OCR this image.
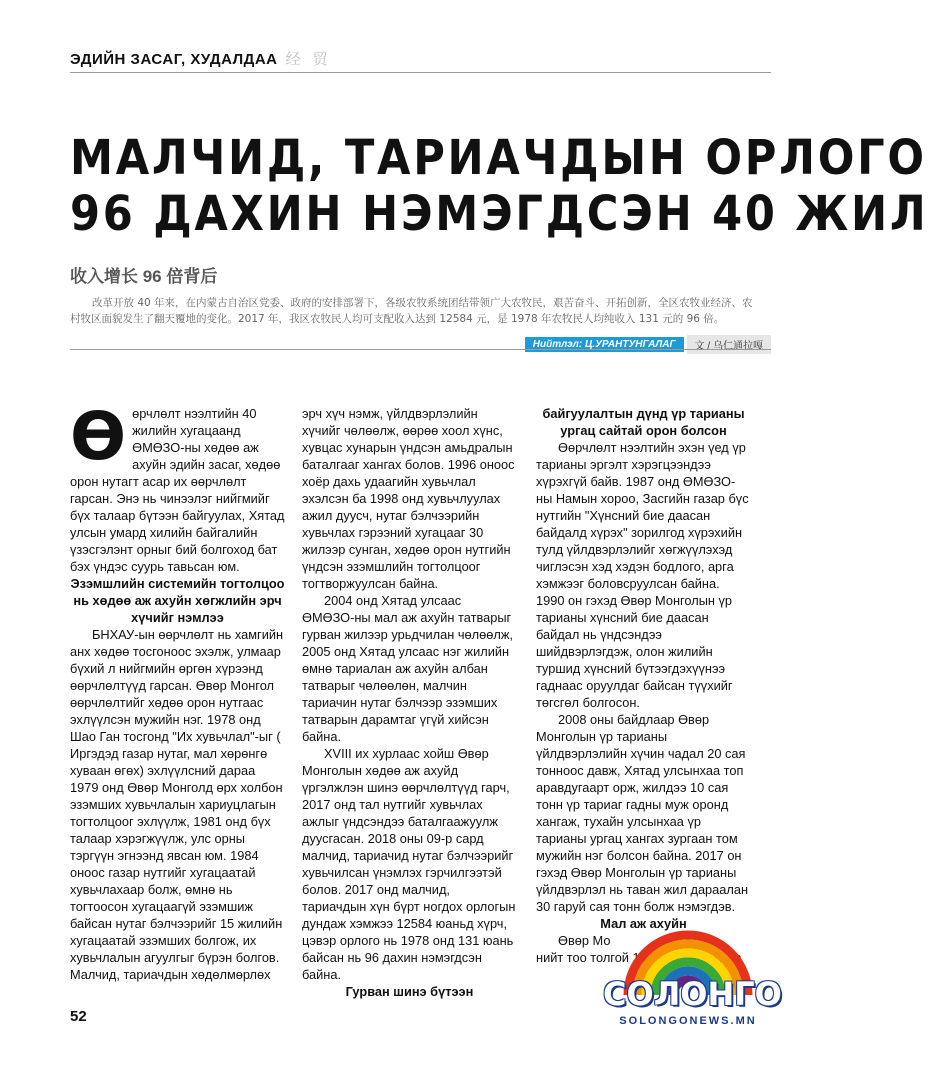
ЭДИЙН ЗАСАГ, ХУДАЛДАА 经 贸
МАЛЧИД, ТАРИАЧДЫН ОРЛОГО
96 ДАХИН НЭМЭГДСЭН 40 ЖИЛ
收入增长 96 倍背后
改革开放 40 年来，在内蒙古自治区党委、政府的安排部署下，各级农牧系统团结带领广大农牧民，艰苦奋斗、开拓创新，全区农牧业经济、农村牧区面貌发生了翻天覆地的变化。2017 年，我区农牧民人均可支配收入达到 12584 元，是 1978 年农牧民人均纯收入 131 元的 96 倍。
Нийтлэл: Ц.УРАНТУНГАЛАГ	文 / 乌仁通拉嘎
Ө өрчлөлт нээлтийн 40 жилийн хугацаанд ӨМӨЗО-ны хөдөө аж ахуйн эдийн засаг, хөдөө орон нутагт асар их өөрчлөлт гарсан. Энэ нь чинээлэг нийгмийг бүх талаар бүтээн байгуулах, Хятад улсын умард хилийн байгалийн үзэсгэлэнт орныг бий болгоход бат бэх үндэс суурь тавьсан юм.

Эзэмшлийн системийн тогтолцоо нь хөдөө аж ахуйн хөгжлийн эрч хүчийг нэмлээ

БНХАУ-ын өөрчлөлт нь хамгийн анх хөдөө тосгоноос эхэлж, улмаар бүхий л нийгмийн өргөн хүрээнд өөрчлөлтүүд гарсан. Өвөр Монгол өөрчлөлтийг хөдөө орон нутгаас эхлүүлсэн мужийн нэг. 1978 онд Шао Ган тосгонд "Их хувьчлал"-ыг ( Иргэдэд газар нутаг, мал хөрөнгө хуваан өгөх) эхлүүлсний дараа 1979 онд Өвөр Монголд өрх холбон эзэмших хувьчлалын хариуцлагын тогтолцоог эхлүүлж, 1981 онд бүх талаар хэрэгжүүлж, улс орны тэргүүн эгнээнд явсан юм. 1984 оноос газар нутгийг хугацаатай хувьчлахаар болж, өмнө нь тогтоосон хугацаагүй эзэмшиж байсан нутаг бэлчээрийг 15 жилийн хугацаатай эзэмших болгож, их хувьчлалын агуулгыг бүрэн болгов. Малчид, тариачдын хөдөлмөрлөх

эрч хүч нэмж, үйлдвэрлэлийн хүчийг чөлөөлж, өөрөө хоол хүнс, хувцас хунарын үндсэн амьдралын баталгааг хангах болов. 1996 оноос хоёр дахь удаагийн хувьчлал эхэлсэн ба 1998 онд хувьчлуулах ажил дуусч, нутаг бэлчээрийн хувьчлах гэрээний хугацааг 30 жилээр сунган, хөдөө орон нутгийн үндсэн эзэмшлийн тогтолцоог тогтворжуулсан байна.

2004 онд Хятад улсаас ӨМӨЗО-ны мал аж ахуйн татварыг гурван жилээр урьдчилан чөлөөлж, 2005 онд Хятад улсаас нэг жилийн өмнө тариалан аж ахуйн албан татварыг чөлөөлөн, малчин тариачин нутаг бэлчээр эзэмших татварын дарамтаг үгүй хийсэн байна.

XVIII их хурлаас хойш Өвөр Монголын хөдөө аж ахуйд үргэлжлэн шинэ өөрчлөлтүүд гарч, 2017 онд тал нутгийг хувьчлах ажлыг үндсэндээ баталгаажуулж дуусгасан. 2018 оны 09-р сард малчид, тариачид нутаг бэлчээрийг хувьчилсан үнэмлэх гэрчилгээтэй болов. 2017 онд малчид, тариачдын хүн бүрт ногдох орлогын дундаж хэмжээ 12584 юаньд хүрч, цэвэр орлого нь 1978 онд 131 юань байсан нь 96 дахин нэмэгдсэн байна.

Гурван шинэ бүтээн

байгуулалтын дүнд үр тарианы ургац сайтай орон болсон

Өөрчлөлт нээлтийн эхэн үед үр тарианы эргэлт хэрэгцээндээ хүрэхгүй байв. 1987 онд ӨМӨЗО-ны Намын хороо, Засгийн газар бүс нутгийн "Хүнсний бие даасан байдалд хүрэх" зорилгод хүрэхийн тулд үйлдвэрлэлийг хөгжүүлэхэд чиглэсэн хэд хэдэн бодлого, арга хэмжээг боловсруулсан байна. 1990 он гэхэд Өвөр Монголын үр тарианы хүнсний бие даасан байдал нь үндсэндээ шийдвэрлэгдэж, олон жилийн туршид хүнсний бүтээгдэхүүнээ гаднаас оруулдаг байсан түүхийг төгсгөл болгосон.

2008 оны байдлаар Өвөр Монголын үр тарианы үйлдвэрлэлийн хүчин чадал 20 сая тонноос давж, Хятад улсынхаа топ аравдугаарт орж, жилдээ 10 сая тонн үр тариаг гадны муж оронд хангаж, тухайн улсынхаа үр тарианы ургац хангах зургаан том мужийн нэг болсон байна. 2017 он гэхэд Өвөр Монголын үр тарианы үйлдвэрлэл нь таван жил дараалан 30 гаруй сая тонн болж нэмэгдэв.

Мал аж ахуйн

Өвөр Мо

нийт тоо толгой 1965 онд анх удаа

52
СОЛОНГО
SOLONGONEWS.MN
